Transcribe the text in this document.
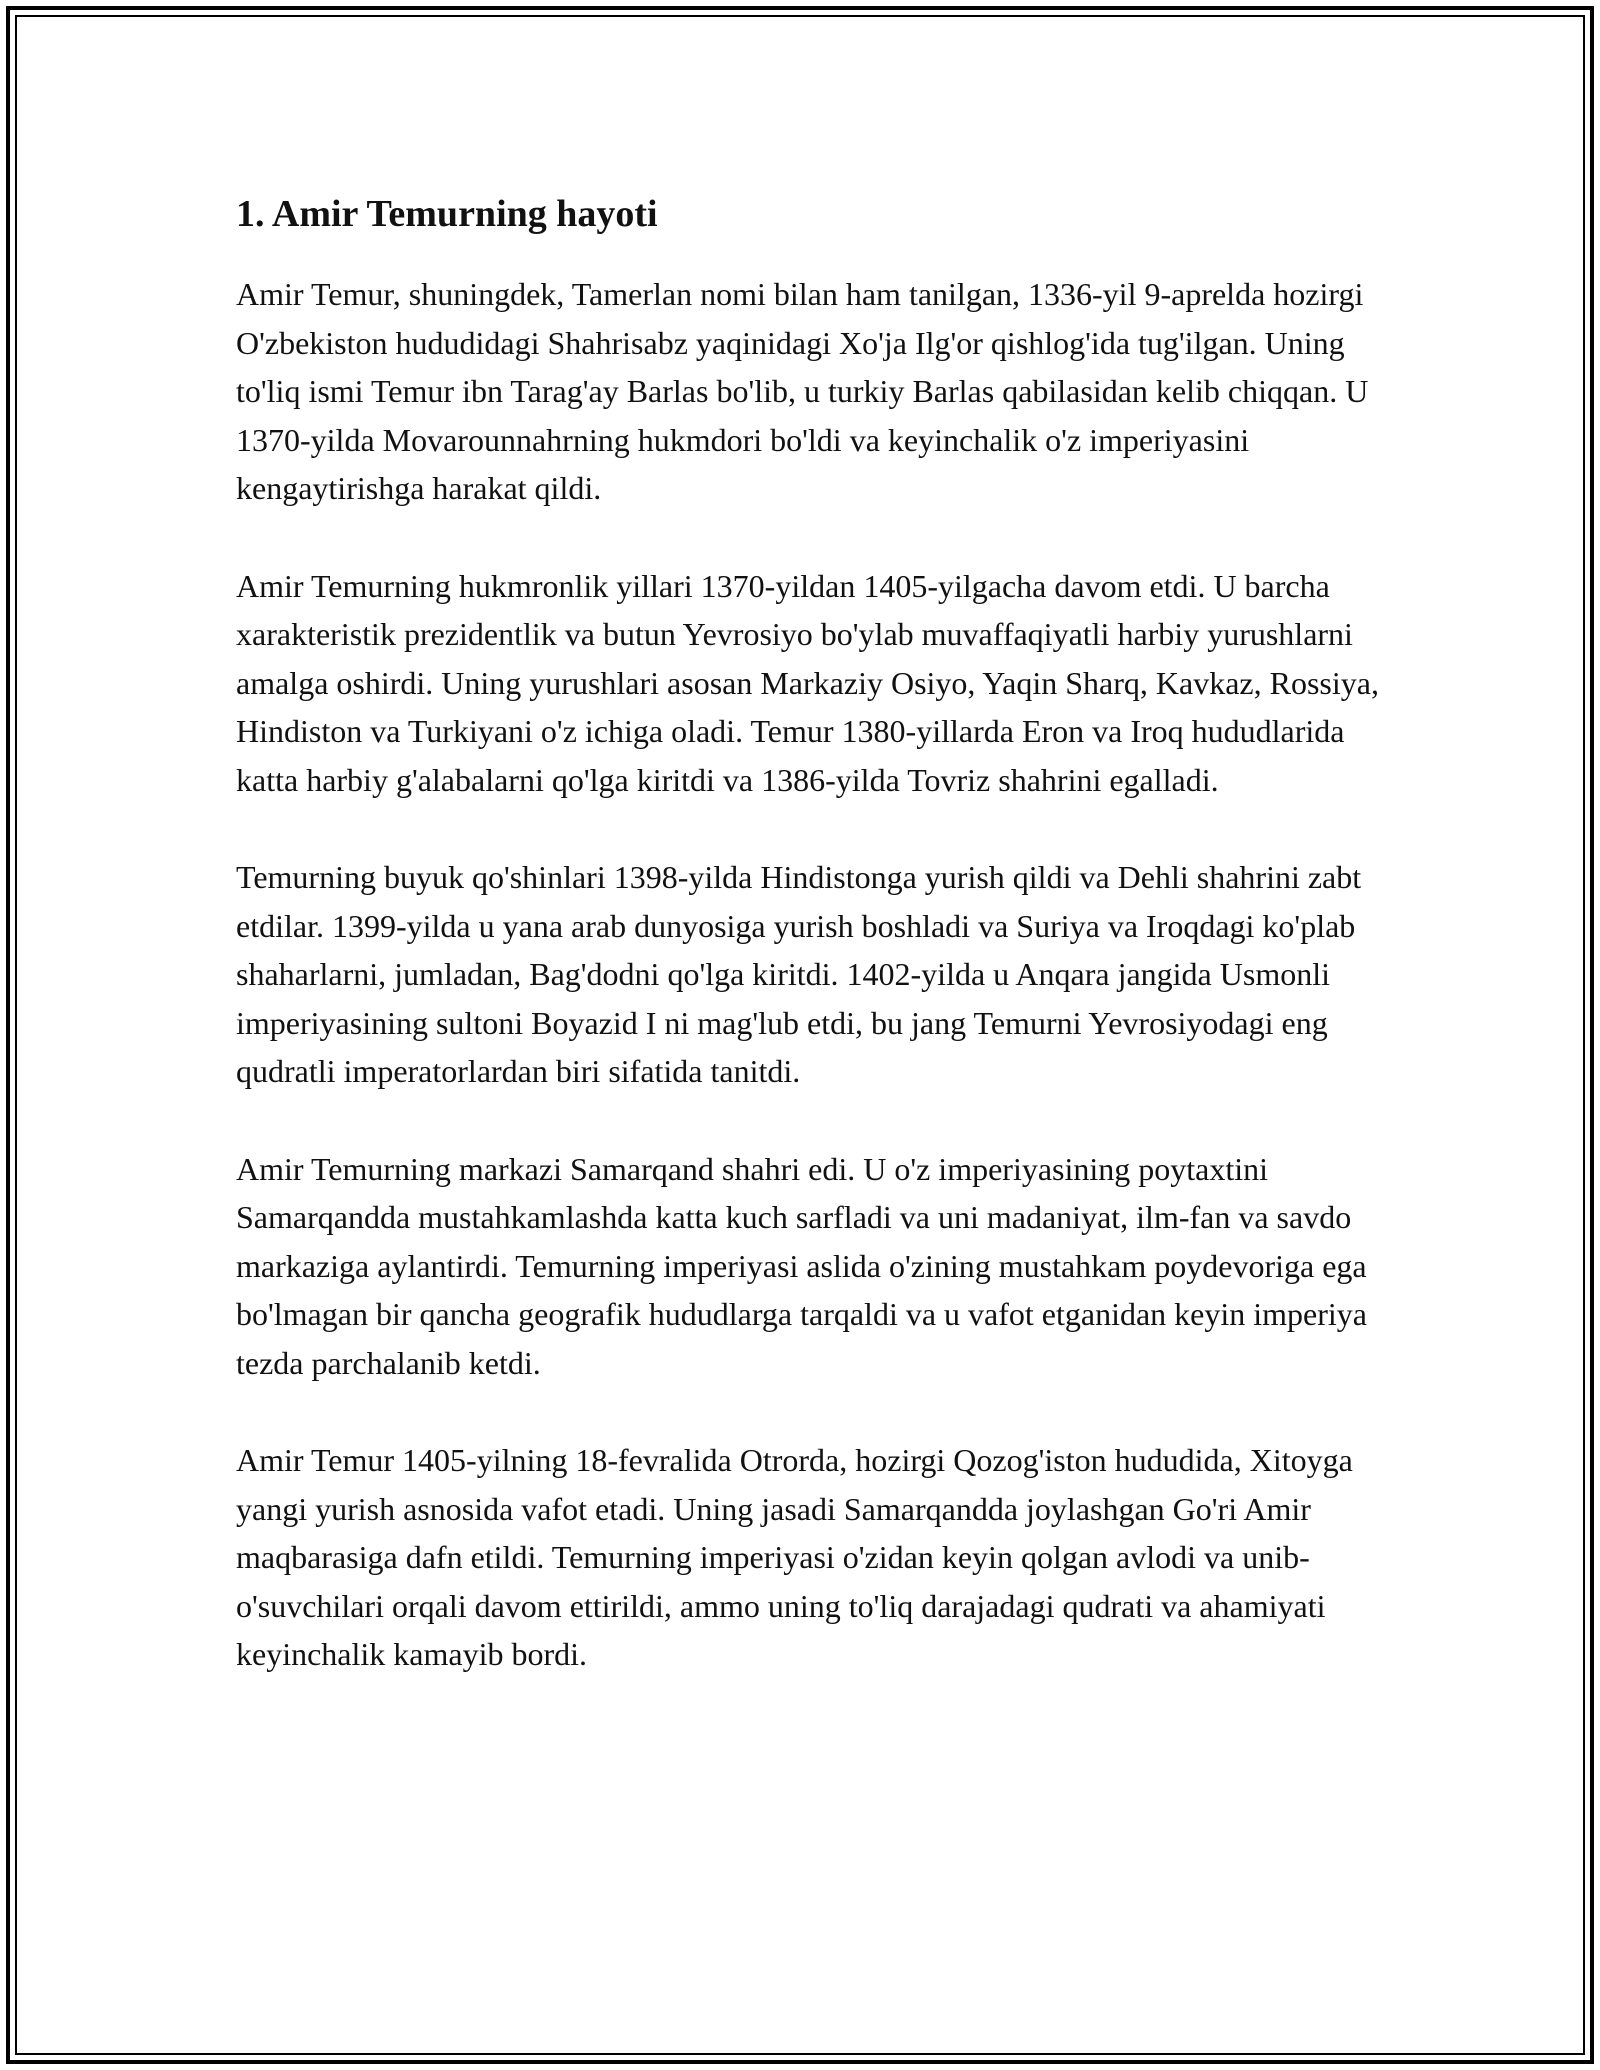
1. Amir Temurning hayoti

Amir Temur, shuningdek, Tamerlan nomi bilan ham tanilgan, 1336-yil 9-aprelda hozirgi O'zbekiston hududidagi Shahrisabz yaqinidagi Xo'ja Ilg'or qishlog'ida tug'ilgan. Uning to'liq ismi Temur ibn Tarag'ay Barlas bo'lib, u turkiy Barlas qabilasidan kelib chiqqan. U 1370-yilda Movarounnahrning hukmdori bo'ldi va keyinchalik o'z imperiyasini kengaytirishga harakat qildi.

Amir Temurning hukmronlik yillari 1370-yildan 1405-yilgacha davom etdi. U barcha xarakteristik prezidentlik va butun Yevrosiyo bo'ylab muvaffaqiyatli harbiy yurushlarni amalga oshirdi. Uning yurushlari asosan Markaziy Osiyo, Yaqin Sharq, Kavkaz, Rossiya, Hindiston va Turkiyani o'z ichiga oladi. Temur 1380-yillarda Eron va Iroq hududlarida katta harbiy g'alabalarni qo'lga kiritdi va 1386-yilda Tovriz shahrini egalladi.

Temurning buyuk qo'shinlari 1398-yilda Hindistonga yurish qildi va Dehli shahrini zabt etdilar. 1399-yilda u yana arab dunyosiga yurish boshladi va Suriya va Iroqdagi ko'plab shaharlarni, jumladan, Bag'dodni qo'lga kiritdi. 1402-yilda u Anqara jangida Usmonli imperiyasining sultoni Boyazid I ni mag'lub etdi, bu jang Temurni Yevrosiyodagi eng qudratli imperatorlardan biri sifatida tanitdi.

Amir Temurning markazi Samarqand shahri edi. U o'z imperiyasining poytaxtini Samarqandda mustahkamlashda katta kuch sarfladi va uni madaniyat, ilm-fan va savdo markaziga aylantirdi. Temurning imperiyasi aslida o'zining mustahkam poydevoriga ega bo'lmagan bir qancha geografik hududlarga tarqaldi va u vafot etganidan keyin imperiya tezda parchalanib ketdi.

Amir Temur 1405-yilning 18-fevralida Otrorda, hozirgi Qozog'iston hududida, Xitoyga yangi yurish asnosida vafot etadi. Uning jasadi Samarqandda joylashgan Go'ri Amir maqbarasiga dafn etildi. Temurning imperiyasi o'zidan keyin qolgan avlodi va unib-o'suvchilari orqali davom ettirildi, ammo uning to'liq darajadagi qudrati va ahamiyati keyinchalik kamayib bordi.
